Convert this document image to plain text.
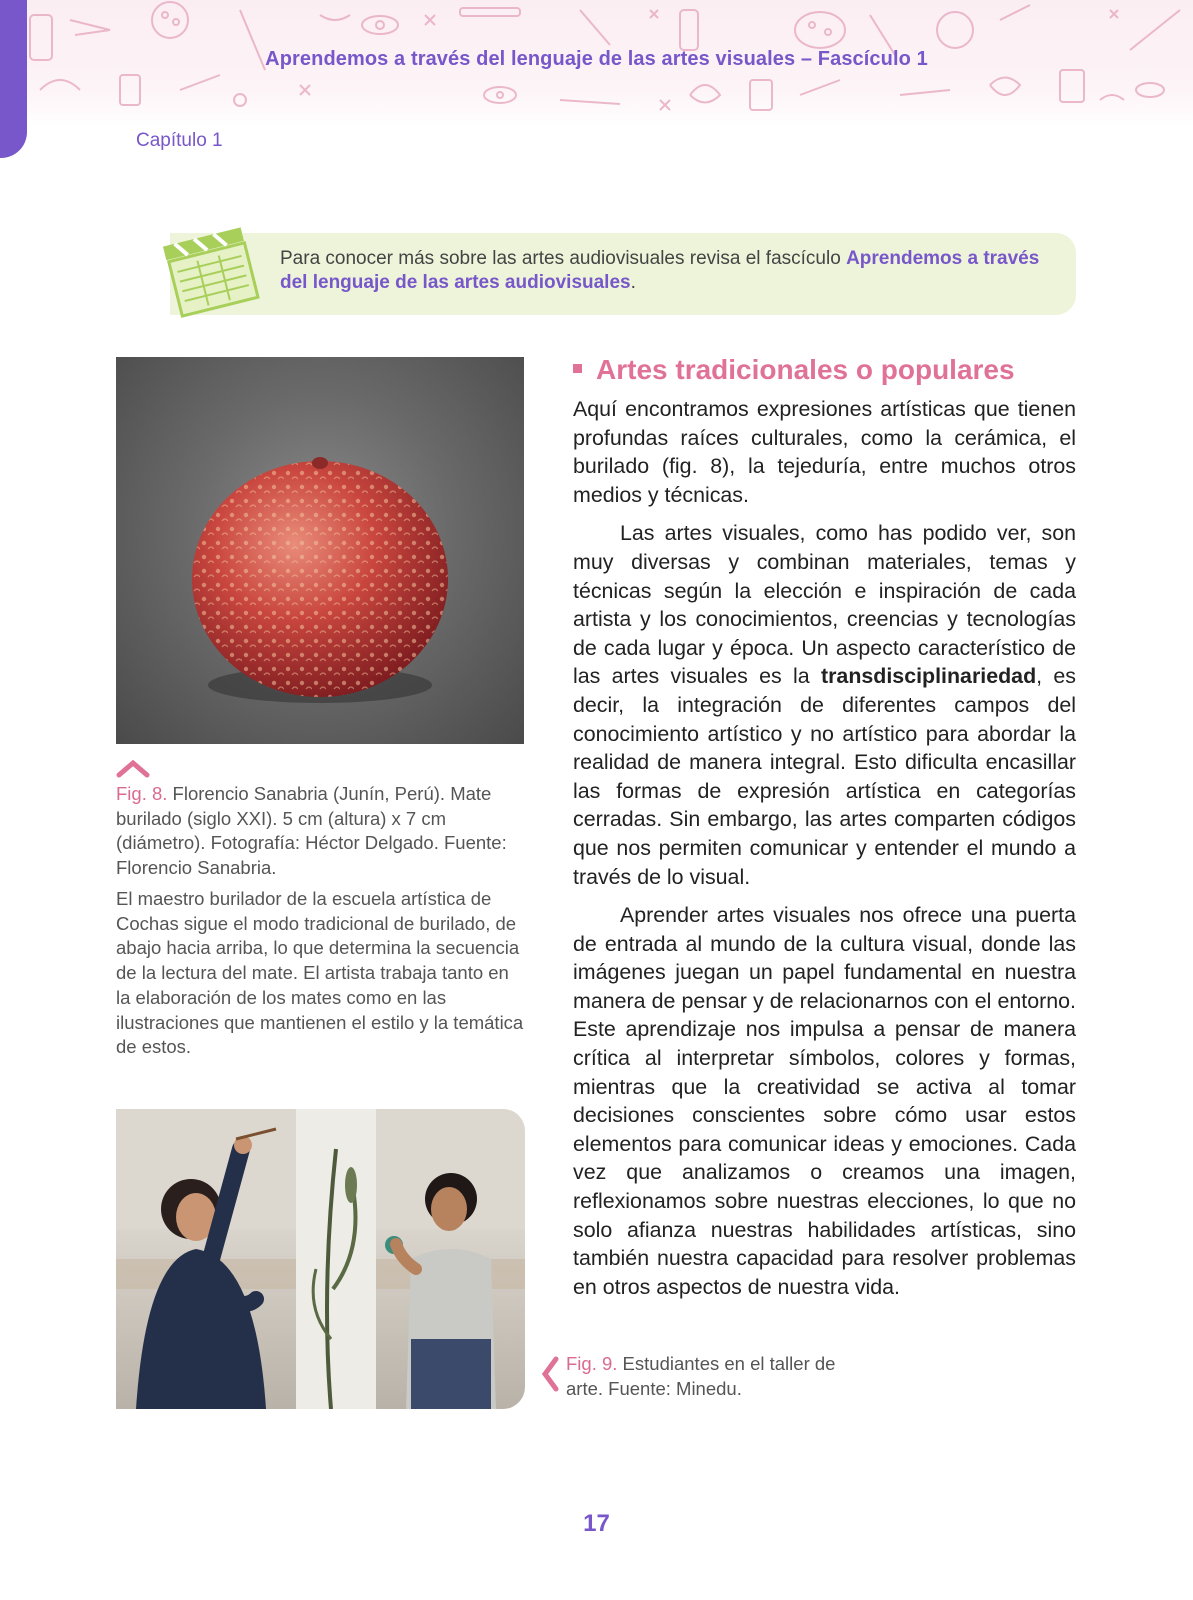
Aprendemos a través del lenguaje de las artes visuales – Fascículo 1
Capítulo 1
Para conocer más sobre las artes audiovisuales revisa el fascículo Aprendemos a través del lenguaje de las artes audiovisuales.
Fig. 8. Florencio Sanabria (Junín, Perú). Mate burilado (siglo XXI). 5 cm (altura) x 7 cm (diámetro). Fotografía: Héctor Delgado. Fuente: Florencio Sanabria.
El maestro burilador de la escuela artística de Cochas sigue el modo tradicional de burilado, de abajo hacia arriba, lo que determina la secuencia de la lectura del mate. El artista trabaja tanto en la elaboración de los mates como en las ilustraciones que mantienen el estilo y la temática de estos.
Fig. 9. Estudiantes en el taller de arte. Fuente: Minedu.
Artes tradicionales o populares

Aquí encontramos expresiones artísticas que tienen profundas raíces culturales, como la cerámica, el burilado (fig. 8), la tejeduría, entre muchos otros medios y técnicas.

Las artes visuales, como has podido ver, son muy diversas y combinan materiales, temas y técnicas según la elección e inspiración de cada artista y los conocimientos, creencias y tecnologías de cada lugar y época. Un aspecto característico de las artes visuales es la transdisciplinariedad, es decir, la integración de diferentes campos del conocimiento artístico y no artístico para abordar la realidad de manera integral. Esto dificulta encasillar las formas de expresión artística en categorías cerradas. Sin embargo, las artes comparten códigos que nos permiten comunicar y entender el mundo a través de lo visual.

Aprender artes visuales nos ofrece una puerta de entrada al mundo de la cultura visual, donde las imágenes juegan un papel fundamental en nuestra manera de pensar y de relacionarnos con el entorno. Este aprendizaje nos impulsa a pensar de manera crítica al interpretar símbolos, colores y formas, mientras que la creatividad se activa al tomar decisiones conscientes sobre cómo usar estos elementos para comunicar ideas y emociones. Cada vez que analizamos o creamos una imagen, reflexionamos sobre nuestras elecciones, lo que no solo afianza nuestras habilidades artísticas, sino también nuestra capacidad para resolver problemas en otros aspectos de nuestra vida.

17
